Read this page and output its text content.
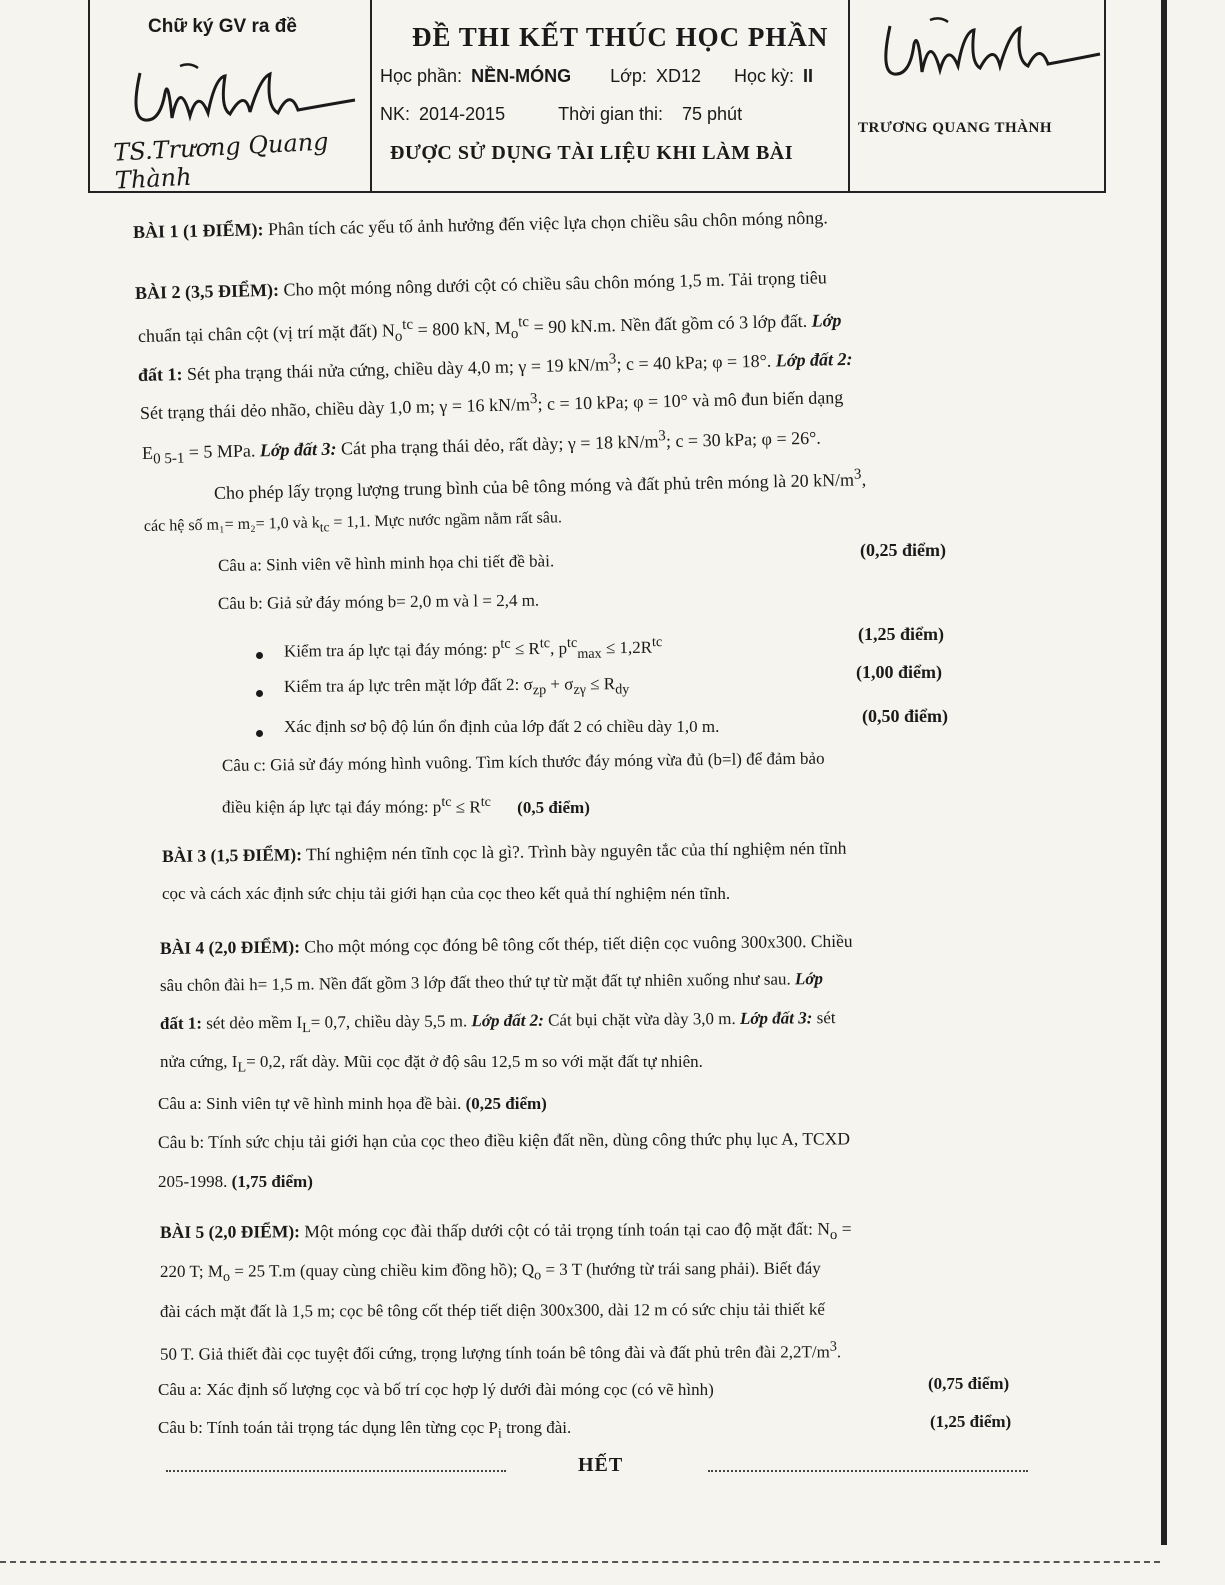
Chữ ký GV ra đề
TS.Trương Quang Thành
ĐỀ THI KẾT THÚC HỌC PHẦN
Học phần: NỀN-MÓNG Lớp: XD12 Học kỳ: II
NK: 2014-2015	Thời gian thi: 75 phút
ĐƯỢC SỬ DỤNG TÀI LIỆU KHI LÀM BÀI
TRƯƠNG QUANG THÀNH
BÀI 1 (1 ĐIỂM): Phân tích các yếu tố ảnh hưởng đến việc lựa chọn chiều sâu chôn móng nông.
BÀI 2 (3,5 ĐIỂM): Cho một móng nông dưới cột có chiều sâu chôn móng 1,5 m. Tải trọng tiêu
chuẩn tại chân cột (vị trí mặt đất) $N_o^{tc} = 800$ kN, $M_o^{tc} = 90$ kN.m. Nền đất gồm có 3 lớp đất. Lớp
đất 1: Sét pha trạng thái nửa cứng, chiều dày 4,0 m; γ = 19 $kN/m^3$; c = 40 kPa; φ = 18°. Lớp đất 2:
Sét trạng thái dẻo nhão, chiều dày 1,0 m; γ = 16 $kN/m^3$; c = 10 kPa; φ = 10° và mô đun biến dạng
$E_{0 5-1} = 5$ MPa. Lớp đất 3: Cát pha trạng thái dẻo, rất dày; γ = 18 $kN/m^3$; c = 30 kPa; φ = 26°.
Cho phép lấy trọng lượng trung bình của bê tông móng và đất phủ trên móng là 20 $kN/m^3$,
các hệ số m₁= m₂= 1,0 và $k_{tc} = 1,1$. Mực nước ngầm nằm rất sâu.
Câu a: Sinh viên vẽ hình minh họa chi tiết đề bài.
(0,25 điểm)
Câu b: Giả sử đáy móng b= 2,0 m và l = 2,4 m.
Kiểm tra áp lực tại đáy móng: $p^{tc} \le R^{tc}$, $p^{tc}_{max} \le 1,2R^{tc}$	(1,25 điểm)
Kiểm tra áp lực trên mặt lớp đất 2: $\sigma_{zp} + \sigma_{z\gamma} \le R_{dy}$
(1,00 điểm)
Xác định sơ bộ độ lún ổn định của lớp đất 2 có chiều dày 1,0 m.
(0,50 điểm)
Câu c: Giả sử đáy móng hình vuông. Tìm kích thước đáy móng vừa đủ (b=l) để đảm bảo
điều kiện áp lực tại đáy móng: $p^{tc} \le R^{tc}$ (0,5 điểm)
BÀI 3 (1,5 ĐIỂM): Thí nghiệm nén tĩnh cọc là gì?. Trình bày nguyên tắc của thí nghiệm nén tĩnh
cọc và cách xác định sức chịu tải giới hạn của cọc theo kết quả thí nghiệm nén tĩnh.
BÀI 4 (2,0 ĐIỂM): Cho một móng cọc đóng bê tông cốt thép, tiết diện cọc vuông 300x300. Chiều
sâu chôn đài h= 1,5 m. Nền đất gồm 3 lớp đất theo thứ tự từ mặt đất tự nhiên xuống như sau. Lớp
đất 1: sét dẻo mềm $I_L= 0,7$, chiều dày 5,5 m. Lớp đất 2: Cát bụi chặt vừa dày 3,0 m. Lớp đất 3: sét
nửa cứng, $I_L= 0,2$, rất dày. Mũi cọc đặt ở độ sâu 12,5 m so với mặt đất tự nhiên.
Câu a: Sinh viên tự vẽ hình minh họa đề bài. (0,25 điểm)
Câu b: Tính sức chịu tải giới hạn của cọc theo điều kiện đất nền, dùng công thức phụ lục A, TCXD
205-1998. (1,75 điểm)
BÀI 5 (2,0 ĐIỂM): Một móng cọc đài thấp dưới cột có tải trọng tính toán tại cao độ mặt đất: $N_o$ =
220 T; $M_o = 25$ T.m (quay cùng chiều kim đồng hồ); $Q_o = 3$ T (hướng từ trái sang phải). Biết đáy
đài cách mặt đất là 1,5 m; cọc bê tông cốt thép tiết diện 300x300, dài 12 m có sức chịu tải thiết kế
50 T. Giả thiết đài cọc tuyệt đối cứng, trọng lượng tính toán bê tông đài và đất phủ trên đài $2,2T/m^3$.
Câu a: Xác định số lượng cọc và bố trí cọc hợp lý dưới đài móng cọc (có vẽ hình)	(0,75 điểm)
Câu b: Tính toán tải trọng tác dụng lên từng cọc $P_i$ trong đài.	(1,25 điểm)
HẾT
